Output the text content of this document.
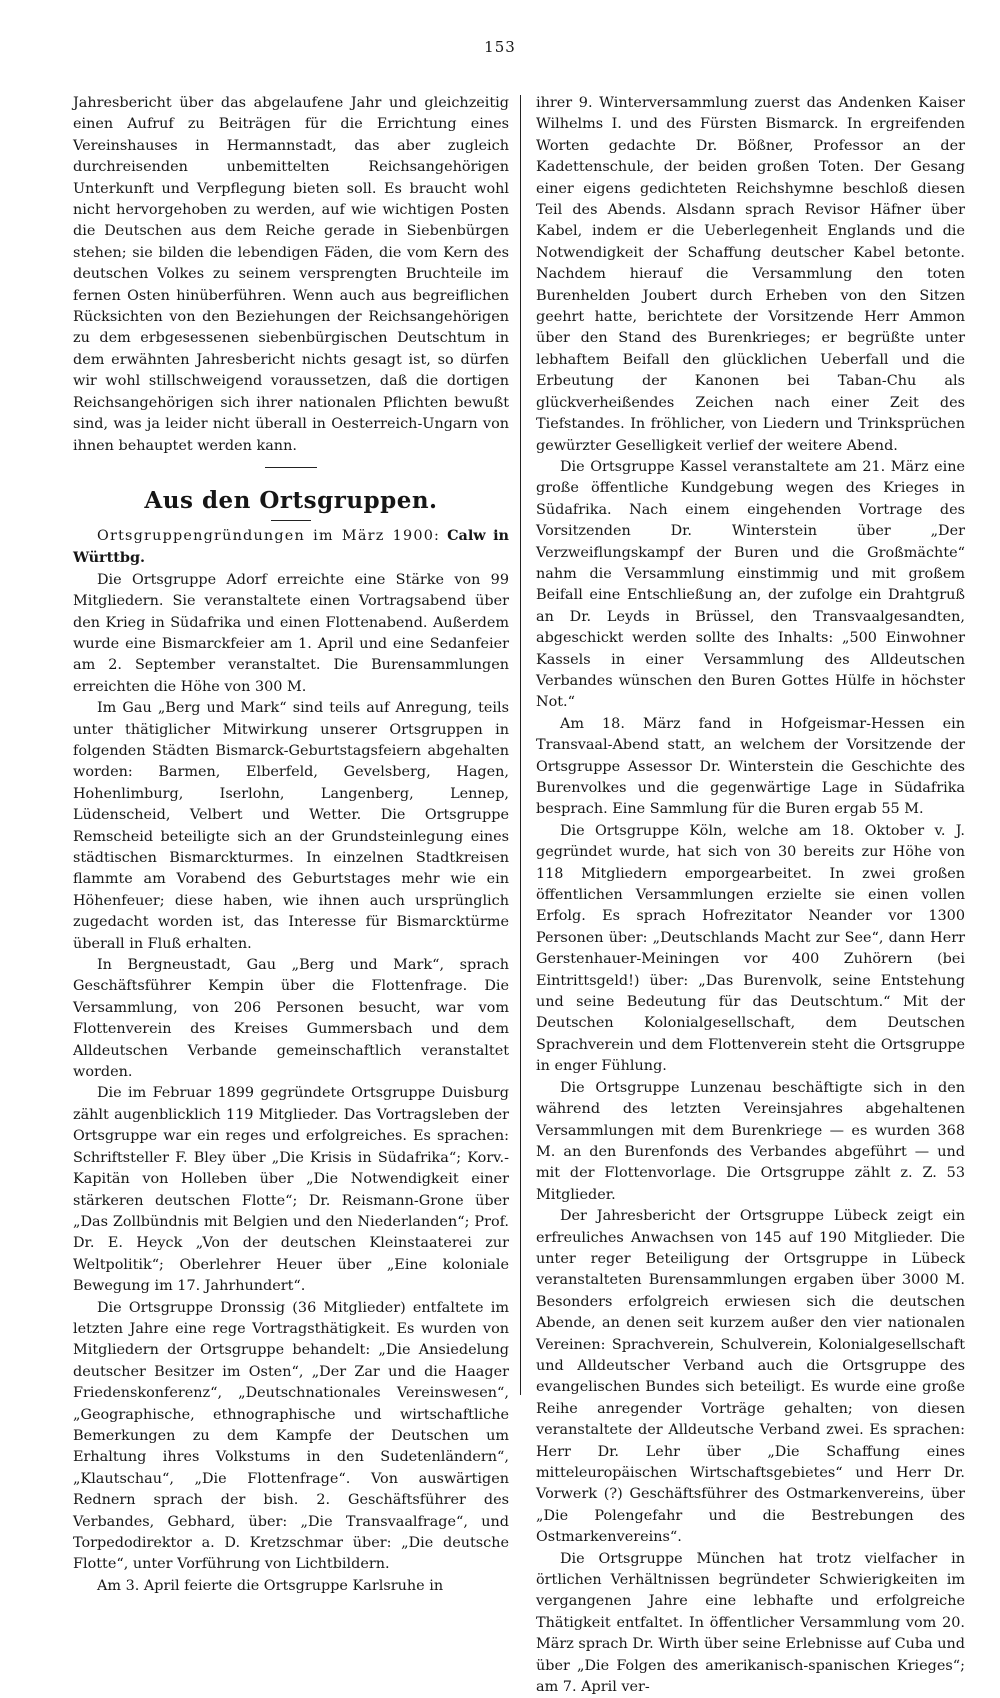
153

Jahresbericht über das abgelaufene Jahr und gleichzeitig einen Aufruf zu Beiträgen für die Errichtung eines Vereinshauses in Hermannstadt, das aber zugleich durchreisenden unbemittelten Reichsangehörigen Unterkunft und Verpflegung bieten soll. Es braucht wohl nicht hervorgehoben zu werden, auf wie wichtigen Posten die Deutschen aus dem Reiche gerade in Siebenbürgen stehen; sie bilden die lebendigen Fäden, die vom Kern des deutschen Volkes zu seinem versprengten Bruchteile im fernen Osten hinüberführen. Wenn auch aus begreiflichen Rücksichten von den Beziehungen der Reichsangehörigen zu dem erbgesessenen siebenbürgischen Deutschtum in dem erwähnten Jahresbericht nichts gesagt ist, so dürfen wir wohl stillschweigend voraussetzen, daß die dortigen Reichsangehörigen sich ihrer nationalen Pflichten bewußt sind, was ja leider nicht überall in Oesterreich-Ungarn von ihnen behauptet werden kann.

Aus den Ortsgruppen.

Ortsgruppengründungen im März 1900: Calw in Württbg.

Die Ortsgruppe Adorf erreichte eine Stärke von 99 Mitgliedern. Sie veranstaltete einen Vortragsabend über den Krieg in Südafrika und einen Flottenabend. Außerdem wurde eine Bismarckfeier am 1. April und eine Sedanfeier am 2. September veranstaltet. Die Burensammlungen erreichten die Höhe von 300 M.

Im Gau „Berg und Mark“ sind teils auf Anregung, teils unter thätiglicher Mitwirkung unserer Ortsgruppen in folgenden Städten Bismarck-Geburtstagsfeiern abgehalten worden: Barmen, Elberfeld, Gevelsberg, Hagen, Hohenlimburg, Iserlohn, Langenberg, Lennep, Lüdenscheid, Velbert und Wetter. Die Ortsgruppe Remscheid beteiligte sich an der Grundsteinlegung eines städtischen Bismarckturmes. In einzelnen Stadtkreisen flammte am Vorabend des Geburtstages mehr wie ein Höhenfeuer; diese haben, wie ihnen auch ursprünglich zugedacht worden ist, das Interesse für Bismarcktürme überall in Fluß erhalten.

In Bergneustadt, Gau „Berg und Mark“, sprach Geschäftsführer Kempin über die Flottenfrage. Die Versammlung, von 206 Personen besucht, war vom Flottenverein des Kreises Gummersbach und dem Alldeutschen Verbande gemeinschaftlich veranstaltet worden.

Die im Februar 1899 gegründete Ortsgruppe Duisburg zählt augenblicklich 119 Mitglieder. Das Vortragsleben der Ortsgruppe war ein reges und erfolgreiches. Es sprachen: Schriftsteller F. Bley über „Die Krisis in Südafrika“; Korv.-Kapitän von Holleben über „Die Notwendigkeit einer stärkeren deutschen Flotte“; Dr. Reismann-Grone über „Das Zollbündnis mit Belgien und den Niederlanden“; Prof. Dr. E. Heyck „Von der deutschen Kleinstaaterei zur Weltpolitik“; Oberlehrer Heuer über „Eine koloniale Bewegung im 17. Jahrhundert“.

Die Ortsgruppe Dronssig (36 Mitglieder) entfaltete im letzten Jahre eine rege Vortragsthätigkeit. Es wurden von Mitgliedern der Ortsgruppe behandelt: „Die Ansiedelung deutscher Besitzer im Osten“, „Der Zar und die Haager Friedenskonferenz“, „Deutschnationales Vereinswesen“, „Geographische, ethnographische und wirtschaftliche Bemerkungen zu dem Kampfe der Deutschen um Erhaltung ihres Volkstums in den Sudetenländern“, „Klautschau“, „Die Flottenfrage“. Von auswärtigen Rednern sprach der bish. 2. Geschäftsführer des Verbandes, Gebhard, über: „Die Transvaalfrage“, und Torpedodirektor a. D. Kretzschmar über: „Die deutsche Flotte“, unter Vorführung von Lichtbildern.

Am 3. April feierte die Ortsgruppe Karlsruhe in

ihrer 9. Winterversammlung zuerst das Andenken Kaiser Wilhelms I. und des Fürsten Bismarck. In ergreifenden Worten gedachte Dr. Bößner, Professor an der Kadettenschule, der beiden großen Toten. Der Gesang einer eigens gedichteten Reichshymne beschloß diesen Teil des Abends. Alsdann sprach Revisor Häfner über Kabel, indem er die Ueberlegenheit Englands und die Notwendigkeit der Schaffung deutscher Kabel betonte. Nachdem hierauf die Versammlung den toten Burenhelden Joubert durch Erheben von den Sitzen geehrt hatte, berichtete der Vorsitzende Herr Ammon über den Stand des Burenkrieges; er begrüßte unter lebhaftem Beifall den glücklichen Ueberfall und die Erbeutung der Kanonen bei Taban-Chu als glückverheißendes Zeichen nach einer Zeit des Tiefstandes. In fröhlicher, von Liedern und Trinksprüchen gewürzter Geselligkeit verlief der weitere Abend.

Die Ortsgruppe Kassel veranstaltete am 21. März eine große öffentliche Kundgebung wegen des Krieges in Südafrika. Nach einem eingehenden Vortrage des Vorsitzenden Dr. Winterstein über „Der Verzweiflungskampf der Buren und die Großmächte“ nahm die Versammlung einstimmig und mit großem Beifall eine Entschließung an, der zufolge ein Drahtgruß an Dr. Leyds in Brüssel, den Transvaalgesandten, abgeschickt werden sollte des Inhalts: „500 Einwohner Kassels in einer Versammlung des Alldeutschen Verbandes wünschen den Buren Gottes Hülfe in höchster Not.“

Am 18. März fand in Hofgeismar-Hessen ein Transvaal-Abend statt, an welchem der Vorsitzende der Ortsgruppe Assessor Dr. Winterstein die Geschichte des Burenvolkes und die gegenwärtige Lage in Südafrika besprach. Eine Sammlung für die Buren ergab 55 M.

Die Ortsgruppe Köln, welche am 18. Oktober v. J. gegründet wurde, hat sich von 30 bereits zur Höhe von 118 Mitgliedern emporgearbeitet. In zwei großen öffentlichen Versammlungen erzielte sie einen vollen Erfolg. Es sprach Hofrezitator Neander vor 1300 Personen über: „Deutschlands Macht zur See“, dann Herr Gerstenhauer-Meiningen vor 400 Zuhörern (bei Eintrittsgeld!) über: „Das Burenvolk, seine Entstehung und seine Bedeutung für das Deutschtum.“ Mit der Deutschen Kolonialgesellschaft, dem Deutschen Sprachverein und dem Flottenverein steht die Ortsgruppe in enger Fühlung.

Die Ortsgruppe Lunzenau beschäftigte sich in den während des letzten Vereinsjahres abgehaltenen Versammlungen mit dem Burenkriege — es wurden 368 M. an den Burenfonds des Verbandes abgeführt — und mit der Flottenvorlage. Die Ortsgruppe zählt z. Z. 53 Mitglieder.

Der Jahresbericht der Ortsgruppe Lübeck zeigt ein erfreuliches Anwachsen von 145 auf 190 Mitglieder. Die unter reger Beteiligung der Ortsgruppe in Lübeck veranstalteten Burensammlungen ergaben über 3000 M. Besonders erfolgreich erwiesen sich die deutschen Abende, an denen seit kurzem außer den vier nationalen Vereinen: Sprachverein, Schulverein, Kolonialgesellschaft und Alldeutscher Verband auch die Ortsgruppe des evangelischen Bundes sich beteiligt. Es wurde eine große Reihe anregender Vorträge gehalten; von diesen veranstaltete der Alldeutsche Verband zwei. Es sprachen: Herr Dr. Lehr über „Die Schaffung eines mitteleuropäischen Wirtschaftsgebietes“ und Herr Dr. Vorwerk (?) Geschäftsführer des Ostmarkenvereins, über „Die Polengefahr und die Bestrebungen des Ostmarkenvereins“.

Die Ortsgruppe München hat trotz vielfacher in örtlichen Verhältnissen begründeter Schwierigkeiten im vergangenen Jahre eine lebhafte und erfolgreiche Thätigkeit entfaltet. In öffentlicher Versammlung vom 20. März sprach Dr. Wirth über seine Erlebnisse auf Cuba und über „Die Folgen des amerikanisch-spanischen Krieges“; am 7. April ver-
